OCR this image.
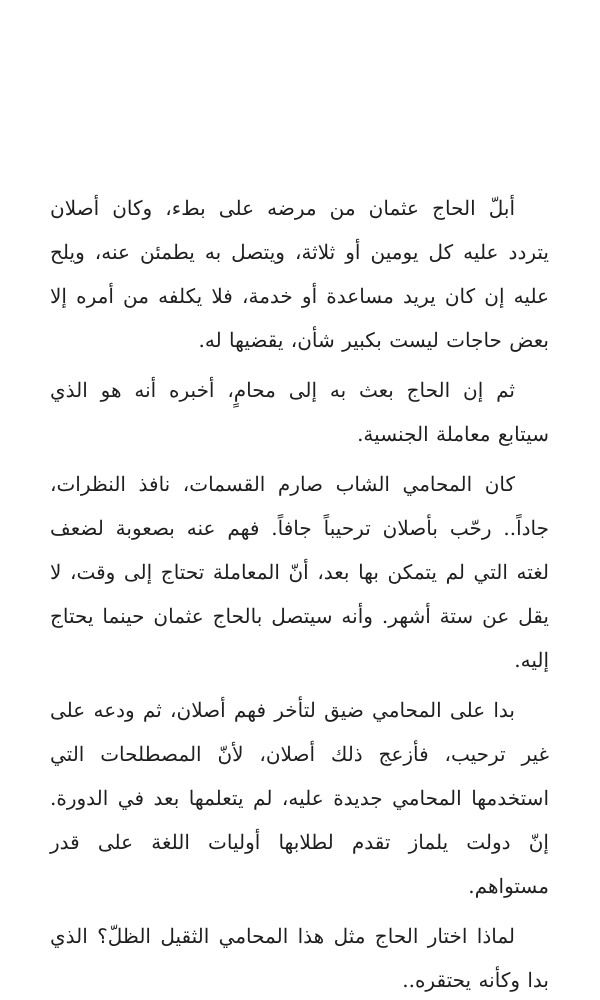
أبلّ الحاج عثمان من مرضه على بطء، وكان أصلان يتردد عليه كل يومين أو ثلاثة، ويتصل به يطمئن عنه، ويلح عليه إن كان يريد مساعدة أو خدمة، فلا يكلفه من أمره إلا بعض حاجات ليست بكبير شأن، يقضيها له.

ثم إن الحاج بعث به إلى محامٍ، أخبره أنه هو الذي سيتابع معاملة الجنسية.

كان المحامي الشاب صارم القسمات، نافذ النظرات، جاداً.. رحّب بأصلان ترحيباً جافاً. فهم عنه بصعوبة لضعف لغته التي لم يتمكن بها بعد، أنّ المعاملة تحتاج إلى وقت، لا يقل عن ستة أشهر. وأنه سيتصل بالحاج عثمان حينما يحتاج إليه.

بدا على المحامي ضيق لتأخر فهم أصلان، ثم ودعه على غير ترحيب، فأزعج ذلك أصلان، لأنّ المصطلحات التي استخدمها المحامي جديدة عليه، لم يتعلمها بعد في الدورة. إنّ دولت يلماز تقدم لطلابها أوليات اللغة على قدر مستواهم.

لماذا اختار الحاج مثل هذا المحامي الثقيل الظلّ؟ الذي بدا وكأنه يحتقره..
